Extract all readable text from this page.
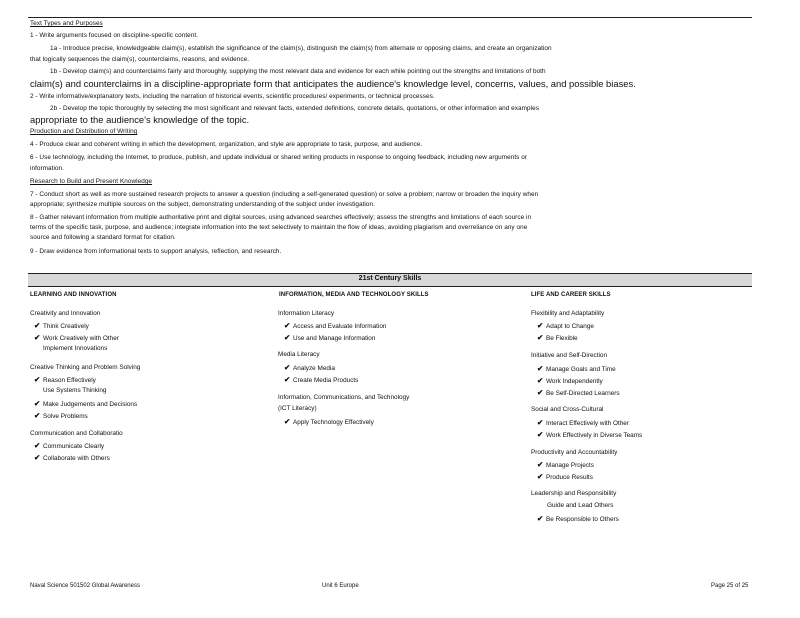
Text Types and Purposes
1 - Write arguments focused on discipline-specific content.
1a - Introduce precise, knowledgeable claim(s), establish the significance of the claim(s), distinguish the claim(s) from alternate or opposing claims, and create an organization
that logically sequences the claim(s), counterclaims, reasons, and evidence.
1b - Develop claim(s) and counterclaims fairly and thoroughly, supplying the most relevant data and evidence for each while pointing out the strengths and limitations of both
claim(s) and counterclaims in a discipline-appropriate form that anticipates the audience's knowledge level, concerns, values, and possible biases.
2 - Write informative/explanatory texts, including the narration of historical events, scientific procedures/ experiments, or technical processes.
2b - Develop the topic thoroughly by selecting the most significant and relevant facts, extended definitions, concrete details, quotations, or other information and examples
appropriate to the audience's knowledge of the topic.
Production and Distribution of Writing
4 - Produce clear and coherent writing in which the development, organization, and style are appropriate to task, purpose, and audience.
6 - Use technology, including the Internet, to produce, publish, and update individual or shared writing products in response to ongoing feedback, including new arguments or
information.
Research to Build and Present Knowledge
7 - Conduct short as well as more sustained research projects to answer a question (including a self-generated question) or solve a problem; narrow or broaden the inquiry when
appropriate; synthesize multiple sources on the subject, demonstrating understanding of the subject under investigation.
8 - Gather relevant information from multiple authoritative print and digital sources, using advanced searches effectively; assess the strengths and limitations of each source in
terms of the specific task, purpose, and audience; integrate information into the text selectively to maintain the flow of ideas, avoiding plagiarism and overreliance on any one
source and following a standard format for citation.
9 - Draw evidence from informational texts to support analysis, reflection, and research.
21st Century Skills
LEARNING AND INNOVATION
Creativity and Innovation
✔ Think Creatively
✔ Work Creatively with Other
Implement Innovations
Creative Thinking and Problem Solving
✔ Reason Effectively
Use Systems Thinking
✔ Make Judgements and Decisions
✔ Solve Problems
Communication and Collaboratio
✔ Communicate Clearly
✔ Collaborate with Others
INFORMATION, MEDIA AND TECHNOLOGY SKILLS
Information Literacy
✔ Access and Evaluate Information
✔ Use and Manage Information
Media Literacy
✔ Analyze Media
✔ Create Media Products
Information, Communications, and Technology
(ICT Literacy)
✔ Apply Technology Effectively
LIFE AND CAREER SKILLS
Flexibility and Adaptability
✔ Adapt to Change
✔ Be Flexible
Initiative and Self-Direction
✔ Manage Goals and Time
✔ Work Independently
✔ Be Self-Directed Learners
Social and Cross-Cultural
✔ Interact Effectively with Other
✔ Work Effectively in Diverse Teams
Productivity and Accountability
✔ Manage Projects
✔ Produce Results
Leadership and Responsibility
Guide and Lead Others
✔ Be Responsible to Others
Naval Science 501502 Global Awareness	Unit 6 Europe	Page 25 of 25
